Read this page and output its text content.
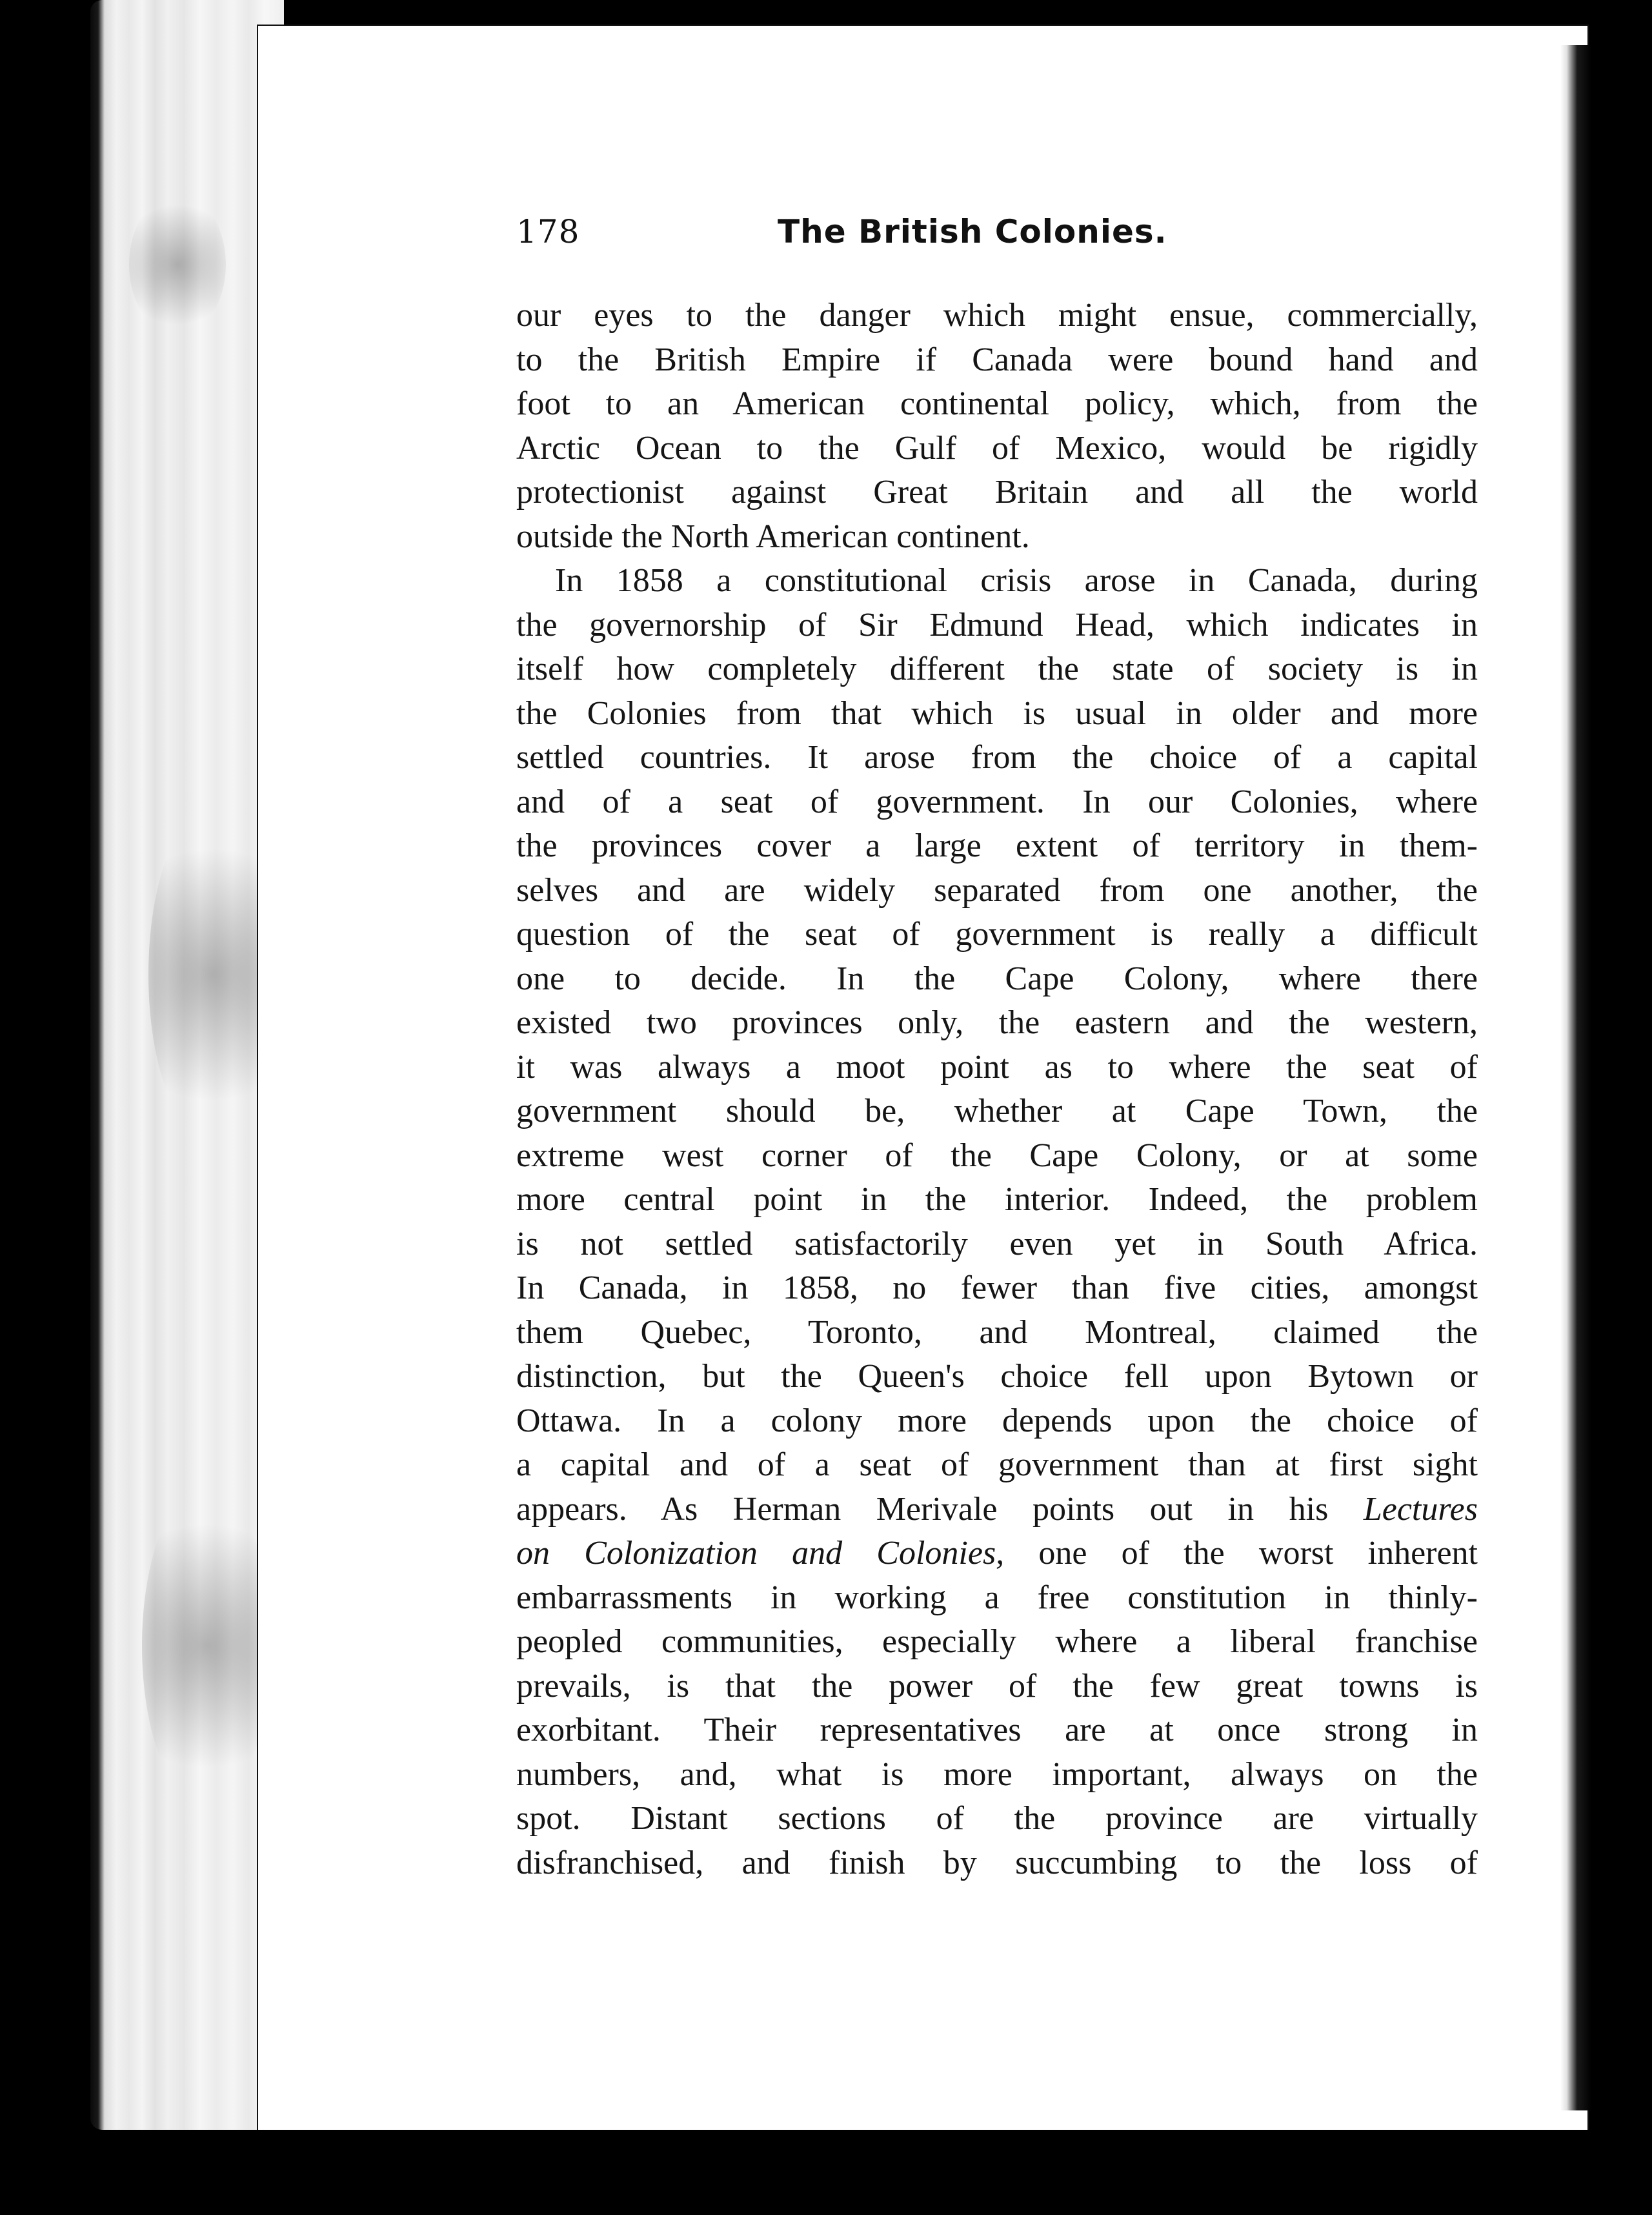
178	The British Colonies.
our eyes to the danger which might ensue, commercially,
to the British Empire if Canada were bound hand and
foot to an American continental policy, which, from the
Arctic Ocean to the Gulf of Mexico, would be rigidly
protectionist against Great Britain and all the world
outside the North American continent.
In 1858 a constitutional crisis arose in Canada, during
the governorship of Sir Edmund Head, which indicates in
itself how completely different the state of society is in
the Colonies from that which is usual in older and more
settled countries. It arose from the choice of a capital
and of a seat of government. In our Colonies, where
the provinces cover a large extent of territory in them-
selves and are widely separated from one another, the
question of the seat of government is really a difficult
one to decide. In the Cape Colony, where there
existed two provinces only, the eastern and the western,
it was always a moot point as to where the seat of
government should be, whether at Cape Town, the
extreme west corner of the Cape Colony, or at some
more central point in the interior. Indeed, the problem
is not settled satisfactorily even yet in South Africa.
In Canada, in 1858, no fewer than five cities, amongst
them Quebec, Toronto, and Montreal, claimed the
distinction, but the Queen's choice fell upon Bytown or
Ottawa. In a colony more depends upon the choice of
a capital and of a seat of government than at first sight
appears. As Herman Merivale points out in his Lectures
on Colonization and Colonies, one of the worst inherent
embarrassments in working a free constitution in thinly-
peopled communities, especially where a liberal franchise
prevails, is that the power of the few great towns is
exorbitant. Their representatives are at once strong in
numbers, and, what is more important, always on the
spot. Distant sections of the province are virtually
disfranchised, and finish by succumbing to the loss of
